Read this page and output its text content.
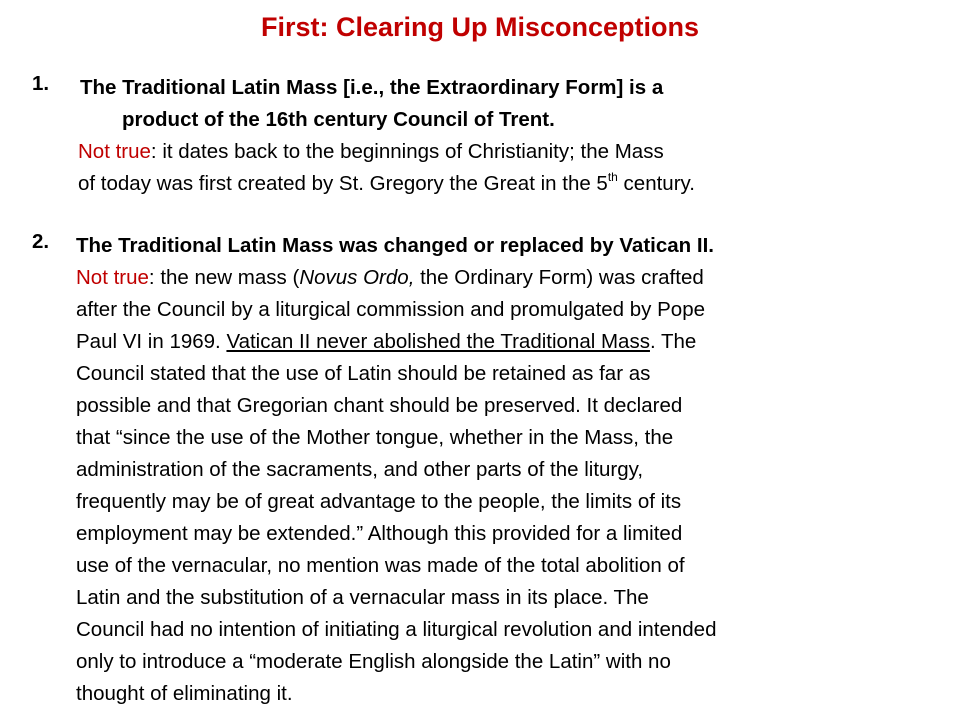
First: Clearing Up Misconceptions
1. The Traditional Latin Mass [i.e., the Extraordinary Form] is a
product of the 16th century Council of Trent.
Not true: it dates back to the beginnings of Christianity; the Mass
of today was first created by St. Gregory the Great in the 5th century.
2. The Traditional Latin Mass was changed or replaced by Vatican II.
Not true: the new mass (Novus Ordo, the Ordinary Form) was crafted
after the Council by a liturgical commission and promulgated by Pope
Paul VI in 1969. Vatican II never abolished the Traditional Mass. The
Council stated that the use of Latin should be retained as far as
possible and that Gregorian chant should be preserved. It declared
that “since the use of the Mother tongue, whether in the Mass, the
administration of the sacraments, and other parts of the liturgy,
frequently may be of great advantage to the people, the limits of its
employment may be extended.” Although this provided for a limited
use of the vernacular, no mention was made of the total abolition of
Latin and the substitution of a vernacular mass in its place. The
Council had no intention of initiating a liturgical revolution and intended
only to introduce a “moderate English alongside the Latin” with no
thought of eliminating it.
